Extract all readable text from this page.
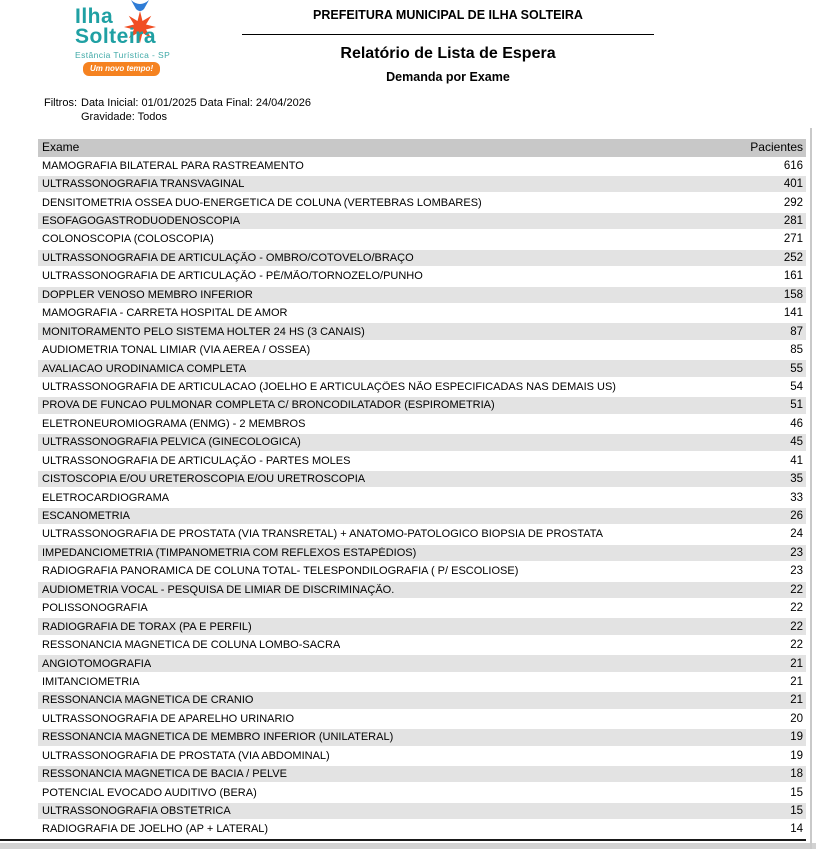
Ilha
Solteira
Estância Turística - SP
Um novo tempo!
PREFEITURA MUNICIPAL DE ILHA SOLTEIRA
Relatório de Lista de Espera
Demanda por Exame
Filtros: Data Inicial: 01/01/2025 Data Final: 24/04/2026
Gravidade: Todos
Exame	Pacientes
MAMOGRAFIA BILATERAL PARA RASTREAMENTO	616
ULTRASSONOGRAFIA TRANSVAGINAL	401
DENSITOMETRIA OSSEA DUO-ENERGETICA DE COLUNA (VERTEBRAS LOMBARES)	292
ESOFAGOGASTRODUODENOSCOPIA	281
COLONOSCOPIA (COLOSCOPIA)	271
ULTRASSONOGRAFIA DE ARTICULAÇÃO - OMBRO/COTOVELO/BRAÇO	252
ULTRASSONOGRAFIA DE ARTICULAÇÃO - PÉ/MÃO/TORNOZELO/PUNHO	161
DOPPLER VENOSO MEMBRO INFERIOR	158
MAMOGRAFIA - CARRETA HOSPITAL DE AMOR	141
MONITORAMENTO PELO SISTEMA HOLTER 24 HS (3 CANAIS)	87
AUDIOMETRIA TONAL LIMIAR (VIA AEREA / OSSEA)	85
AVALIACAO URODINAMICA COMPLETA	55
ULTRASSONOGRAFIA DE ARTICULACAO (JOELHO E ARTICULAÇÕES NÃO ESPECIFICADAS NAS DEMAIS US)	54
PROVA DE FUNCAO PULMONAR COMPLETA C/ BRONCODILATADOR (ESPIROMETRIA)	51
ELETRONEUROMIOGRAMA (ENMG) - 2 MEMBROS	46
ULTRASSONOGRAFIA PELVICA (GINECOLOGICA)	45
ULTRASSONOGRAFIA DE ARTICULAÇÃO - PARTES MOLES	41
CISTOSCOPIA E/OU URETEROSCOPIA E/OU URETROSCOPIA	35
ELETROCARDIOGRAMA	33
ESCANOMETRIA	26
ULTRASSONOGRAFIA DE PROSTATA (VIA TRANSRETAL) + ANATOMO-PATOLOGICO BIOPSIA DE PROSTATA	24
IMPEDANCIOMETRIA (TIMPANOMETRIA COM REFLEXOS ESTAPÉDIOS)	23
RADIOGRAFIA PANORAMICA DE COLUNA TOTAL- TELESPONDILOGRAFIA ( P/ ESCOLIOSE)	23
AUDIOMETRIA VOCAL - PESQUISA DE LIMIAR DE DISCRIMINAÇÃO.	22
POLISSONOGRAFIA	22
RADIOGRAFIA DE TORAX (PA E PERFIL)	22
RESSONANCIA MAGNETICA DE COLUNA LOMBO-SACRA	22
ANGIOTOMOGRAFIA	21
IMITANCIOMETRIA	21
RESSONANCIA MAGNETICA DE CRANIO	21
ULTRASSONOGRAFIA DE APARELHO URINARIO	20
RESSONANCIA MAGNETICA DE MEMBRO INFERIOR (UNILATERAL)	19
ULTRASSONOGRAFIA DE PROSTATA (VIA ABDOMINAL)	19
RESSONANCIA MAGNETICA DE BACIA / PELVE	18
POTENCIAL EVOCADO AUDITIVO (BERA)	15
ULTRASSONOGRAFIA OBSTETRICA	15
RADIOGRAFIA DE JOELHO (AP + LATERAL)	14
